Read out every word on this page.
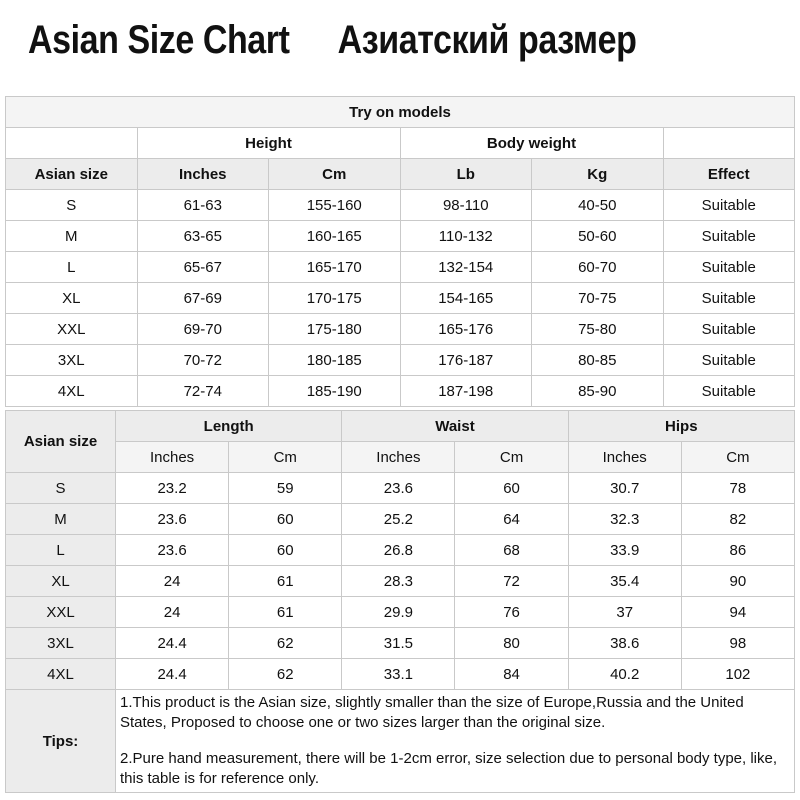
Asian Size Chart Азиатский размер
Try on models					
	Height		Body weight		
Asian size	Inches	Cm	Lb	Kg	Effect
S	61-63	155-160	98-110	40-50	Suitable
M	63-65	160-165	110-132	50-60	Suitable
L	65-67	165-170	132-154	60-70	Suitable
XL	67-69	170-175	154-165	70-75	Suitable
XXL	69-70	175-180	165-176	75-80	Suitable
3XL	70-72	180-185	176-187	80-85	Suitable
4XL	72-74	185-190	187-198	85-90	Suitable
Asian size	Length		Waist		Hips	
	Inches	Cm	Inches	Cm	Inches	Cm
S	23.2	59	23.6	60	30.7	78
M	23.6	60	25.2	64	32.3	82
L	23.6	60	26.8	68	33.9	86
XL	24	61	28.3	72	35.4	90
XXL	24	61	29.9	76	37	94
3XL	24.4	62	31.5	80	38.6	98
4XL	24.4	62	33.1	84	40.2	102
Tips:	1.This product is the Asian size, slightly smaller than the size of Europe,Russia and the United States, Proposed to choose one or two sizes larger than the original size.

2.Pure hand measurement, there will be 1-2cm error, size selection due to personal body type, like, this table is for reference only.					
